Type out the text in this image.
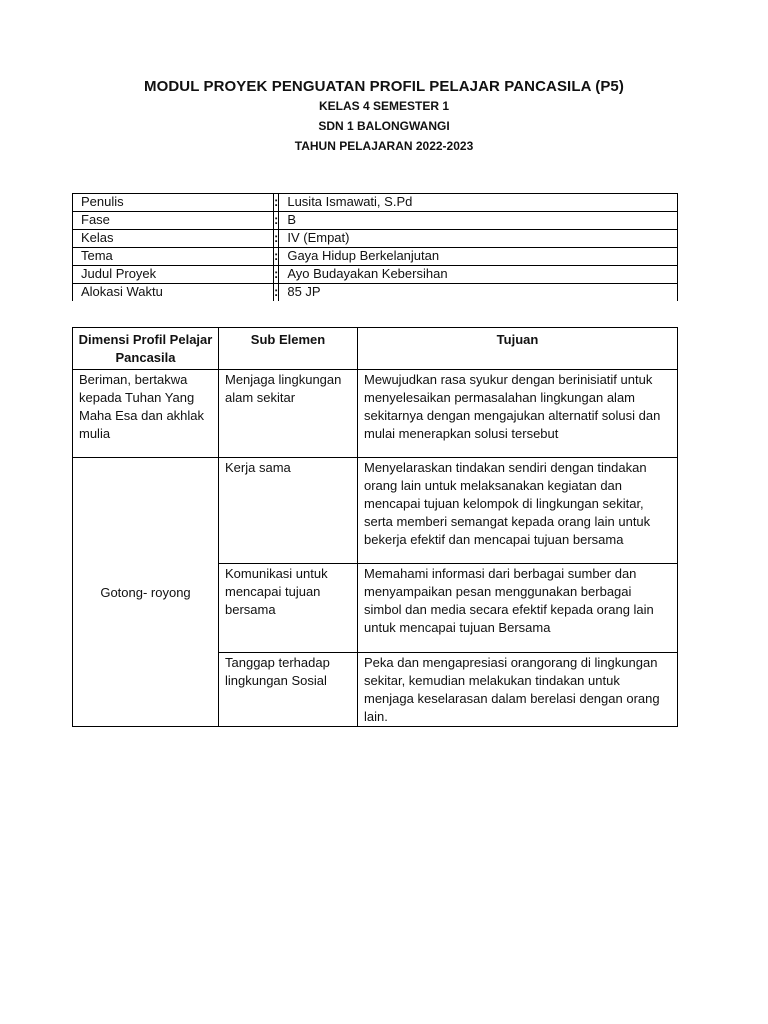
MODUL PROYEK PENGUATAN PROFIL PELAJAR PANCASILA (P5)
KELAS 4 SEMESTER 1
SDN 1 BALONGWANGI
TAHUN PELAJARAN 2022-2023
Penulis	:	Lusita Ismawati, S.Pd
Fase	:	B
Kelas	:	IV (Empat)
Tema	:	Gaya Hidup Berkelanjutan
Judul Proyek	:	Ayo Budayakan Kebersihan
Alokasi Waktu	:	85 JP
Dimensi Profil Pelajar Pancasila	Sub Elemen	Tujuan
Beriman, bertakwa kepada Tuhan Yang Maha Esa dan akhlak mulia	Menjaga lingkungan alam sekitar	Mewujudkan rasa syukur dengan berinisiatif untuk menyelesaikan permasalahan lingkungan alam sekitarnya dengan mengajukan alternatif solusi dan mulai menerapkan solusi tersebut
Gotong- royong	Kerja sama	Menyelaraskan tindakan sendiri dengan tindakan orang lain untuk melaksanakan kegiatan dan mencapai tujuan kelompok di lingkungan sekitar, serta memberi semangat kepada orang lain untuk bekerja efektif dan mencapai tujuan bersama
	Komunikasi untuk mencapai tujuan bersama	Memahami informasi dari berbagai sumber dan menyampaikan pesan menggunakan berbagai simbol dan media secara efektif kepada orang lain untuk mencapai tujuan Bersama
	Tanggap terhadap lingkungan Sosial	Peka dan mengapresiasi orangorang di lingkungan sekitar, kemudian melakukan tindakan untuk menjaga keselarasan dalam berelasi dengan orang lain.
